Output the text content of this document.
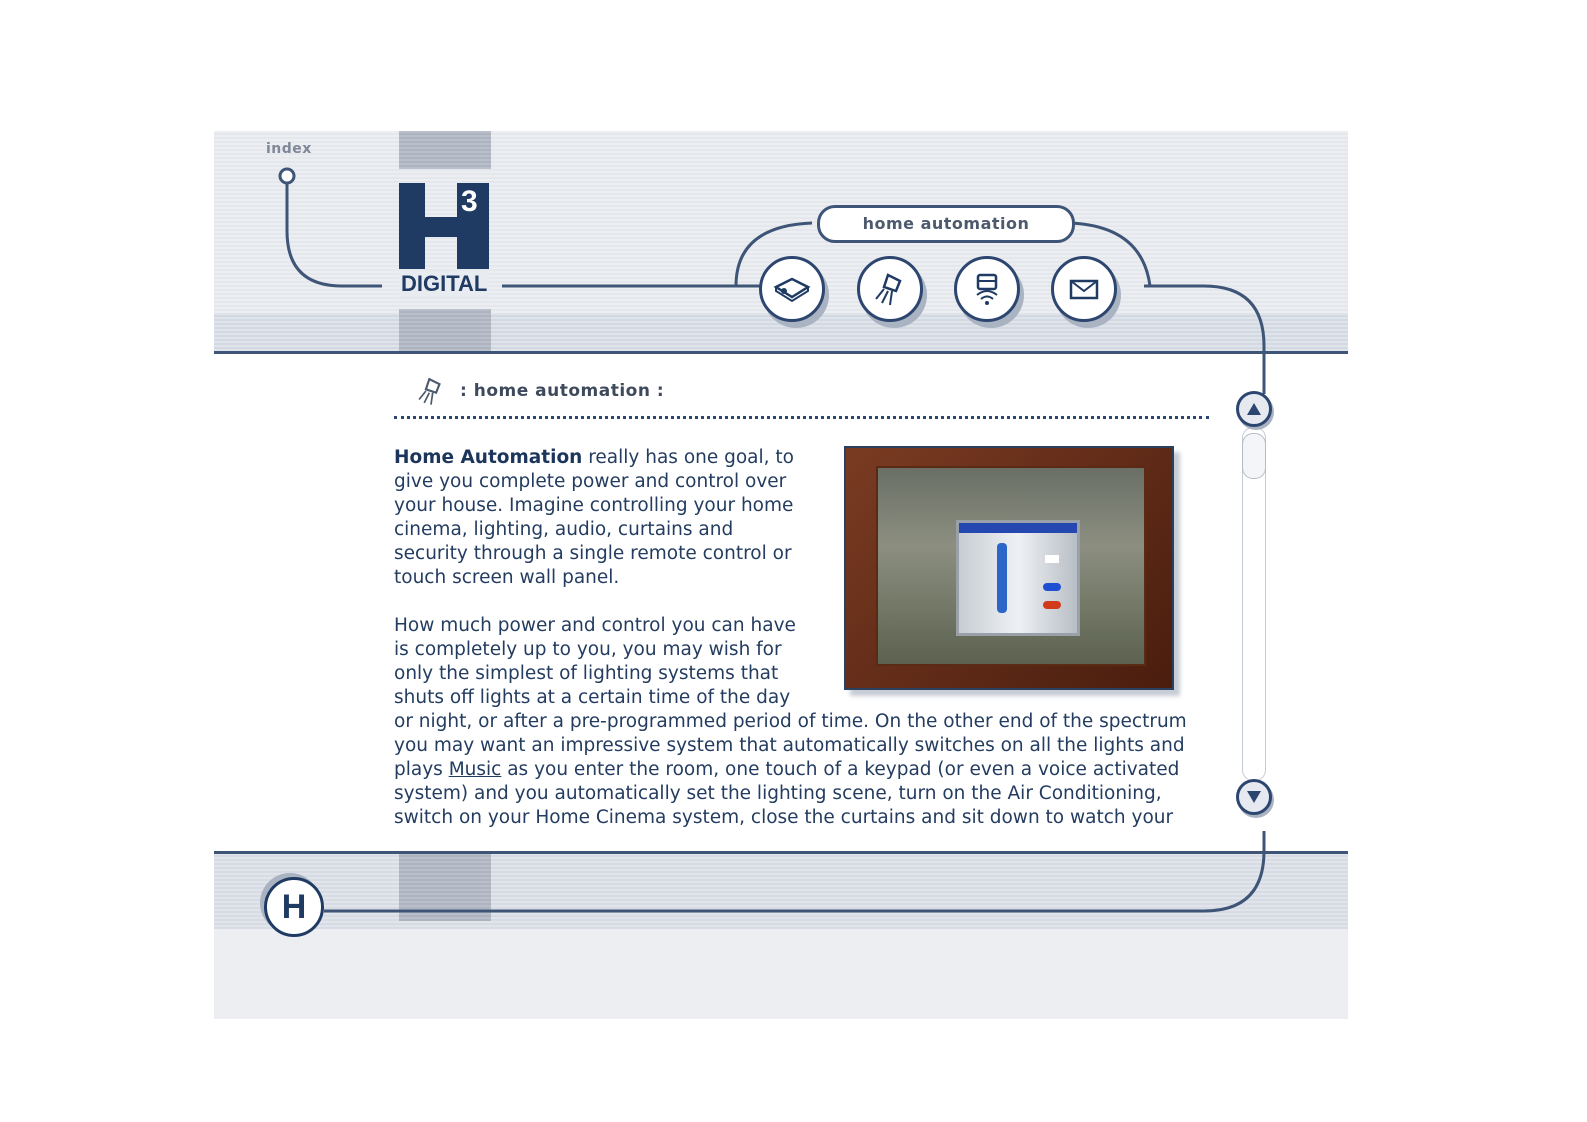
index
3
DIGITAL
home automation
: home automation :

Home Automation really has one goal, to give you complete power and control over your house. Imagine controlling your home cinema, lighting, audio, curtains and security through a single remote control or touch screen wall panel.

How much power and control you can have is completely up to you, you may wish for only the simplest of lighting systems that shuts off lights at a certain time of the day or night, or after a pre-programmed period of time. On the other end of the spectrum you may want an impressive system that automatically switches on all the lights and plays Music as you enter the room, one touch of a keypad (or even a voice activated system) and you automatically set the lighting scene, turn on the Air Conditioning, switch on your Home Cinema system, close the curtains and sit down to watch your

H
